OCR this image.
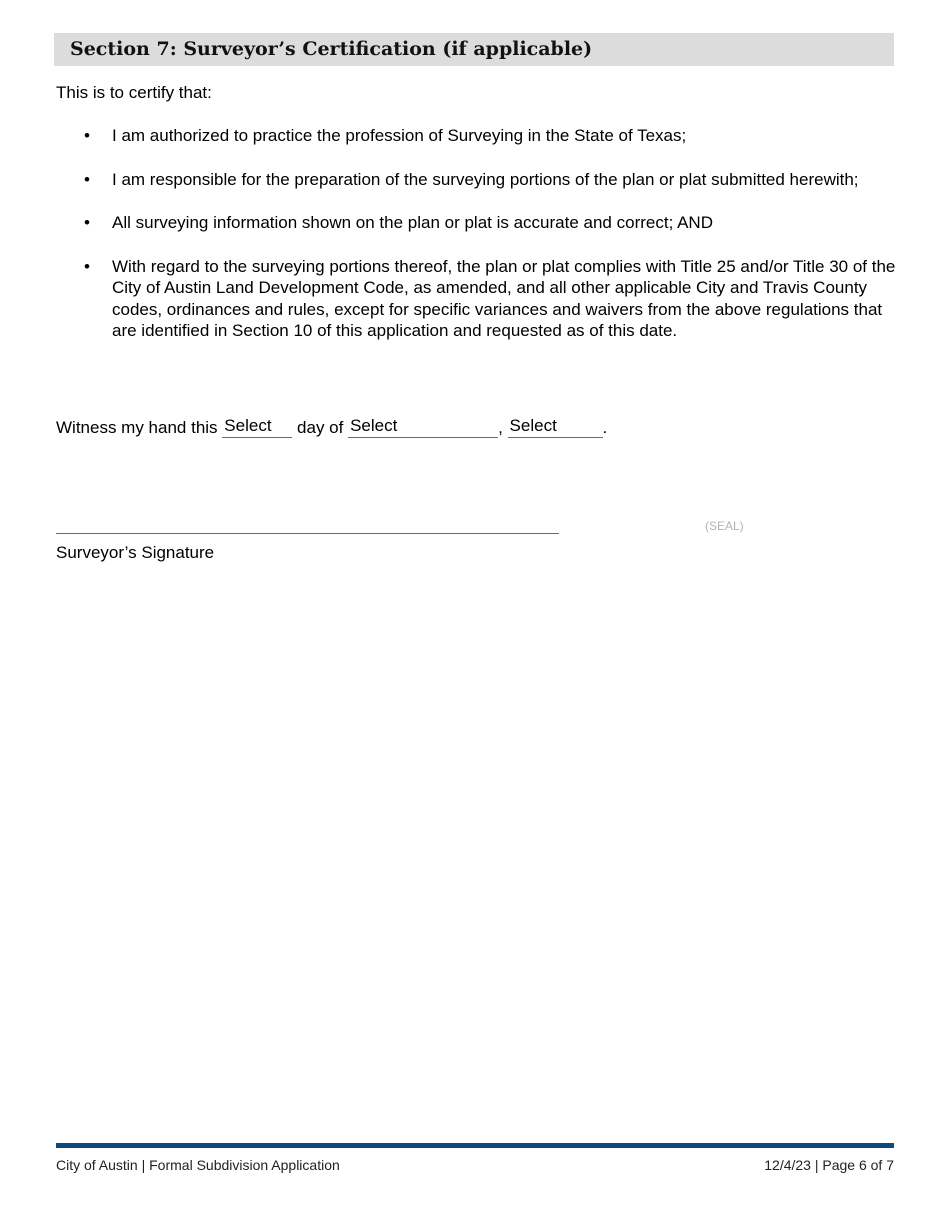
Section 7: Surveyor’s Certification (if applicable)
This is to certify that:
• I am authorized to practice the profession of Surveying in the State of Texas;
• I am responsible for the preparation of the surveying portions of the plan or plat submitted herewith;
• All surveying information shown on the plan or plat is accurate and correct; AND
• With regard to the surveying portions thereof, the plan or plat complies with Title 25 and/or Title 30 of the City of Austin Land Development Code, as amended, and all other applicable City and Travis County codes, ordinances and rules, except for specific variances and waivers from the above regulations that are identified in Section 10 of this application and requested as of this date.
Witness my hand this Select day of Select	, Select	.
(SEAL)
Surveyor’s Signature
City of Austin | Formal Subdivision Application	12/4/23 | Page 6 of 7
